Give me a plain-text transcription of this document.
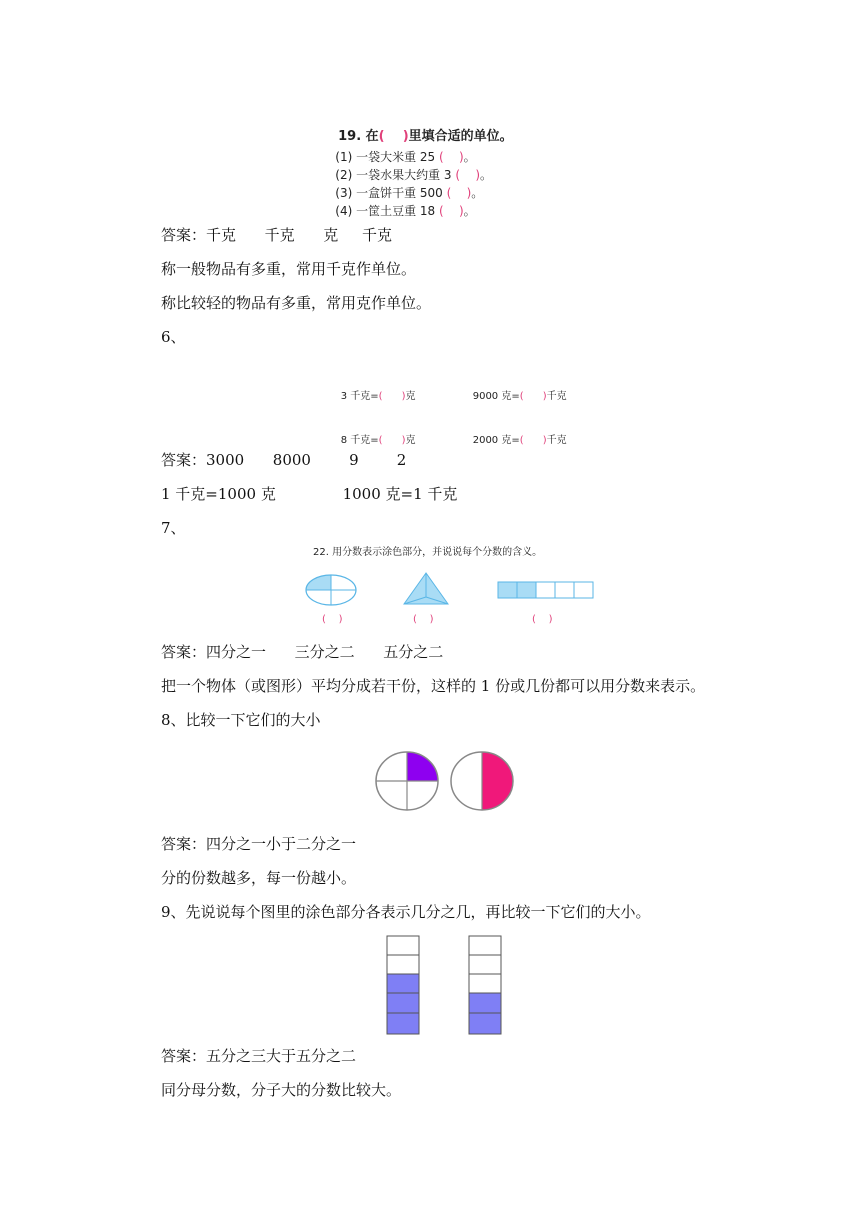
19. 在(    )里填合适的单位。

(1) 一袋大米重 25 (    )。

(2) 一袋水果大约重 3 (    )。

(3) 一盒饼干重 500 (    )。

(4) 一筐土豆重 18 (    )。

答案：千克      千克      克     千克
称一般物品有多重，常用千克作单位。
称比较轻的物品有多重，常用克作单位。
6、

3 千克=(      )克
	9000 克=(      )千克

8 千克=(      )克
	2000 克=(      )千克

答案：3000      8000        9        2
1 千克=1000 克              1000 克=1 千克
7、
22. 用分数表示涂色部分，并说说每个分数的含义。
(    )	(    )	(    )
答案：四分之一      三分之二      五分之二
把一个物体（或图形）平均分成若干份，这样的 1 份或几份都可以用分数来表示。
8、比较一下它们的大小
答案：四分之一小于二分之一
分的份数越多，每一份越小。
9、先说说每个图里的涂色部分各表示几分之几，再比较一下它们的大小。
答案：五分之三大于五分之二
同分母分数，分子大的分数比较大。
